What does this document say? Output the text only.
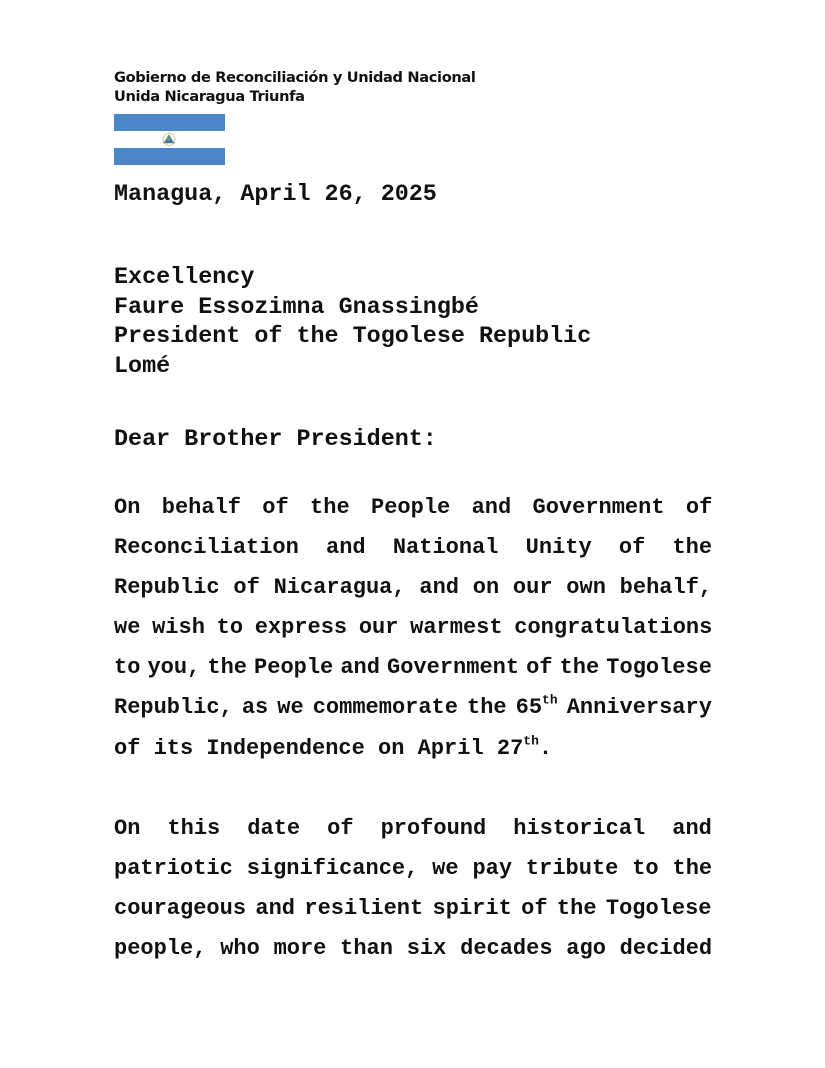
Gobierno de Reconciliación y Unidad Nacional
Unida Nicaragua Triunfa
Managua, April 26, 2025
Excellency
Faure Essozimna Gnassingbé
President of the Togolese Republic
Lomé
Dear Brother President:
On behalf of the People and Government of
Reconciliation and National Unity of the
Republic of Nicaragua, and on our own behalf,
we wish to express our warmest congratulations
to you, the People and Government of the Togolese
Republic, as we commemorate the 65th Anniversary
of its Independence on April 27th.
On this date of profound historical and
patriotic significance, we pay tribute to the
courageous and resilient spirit of the Togolese
people, who more than six decades ago decided
